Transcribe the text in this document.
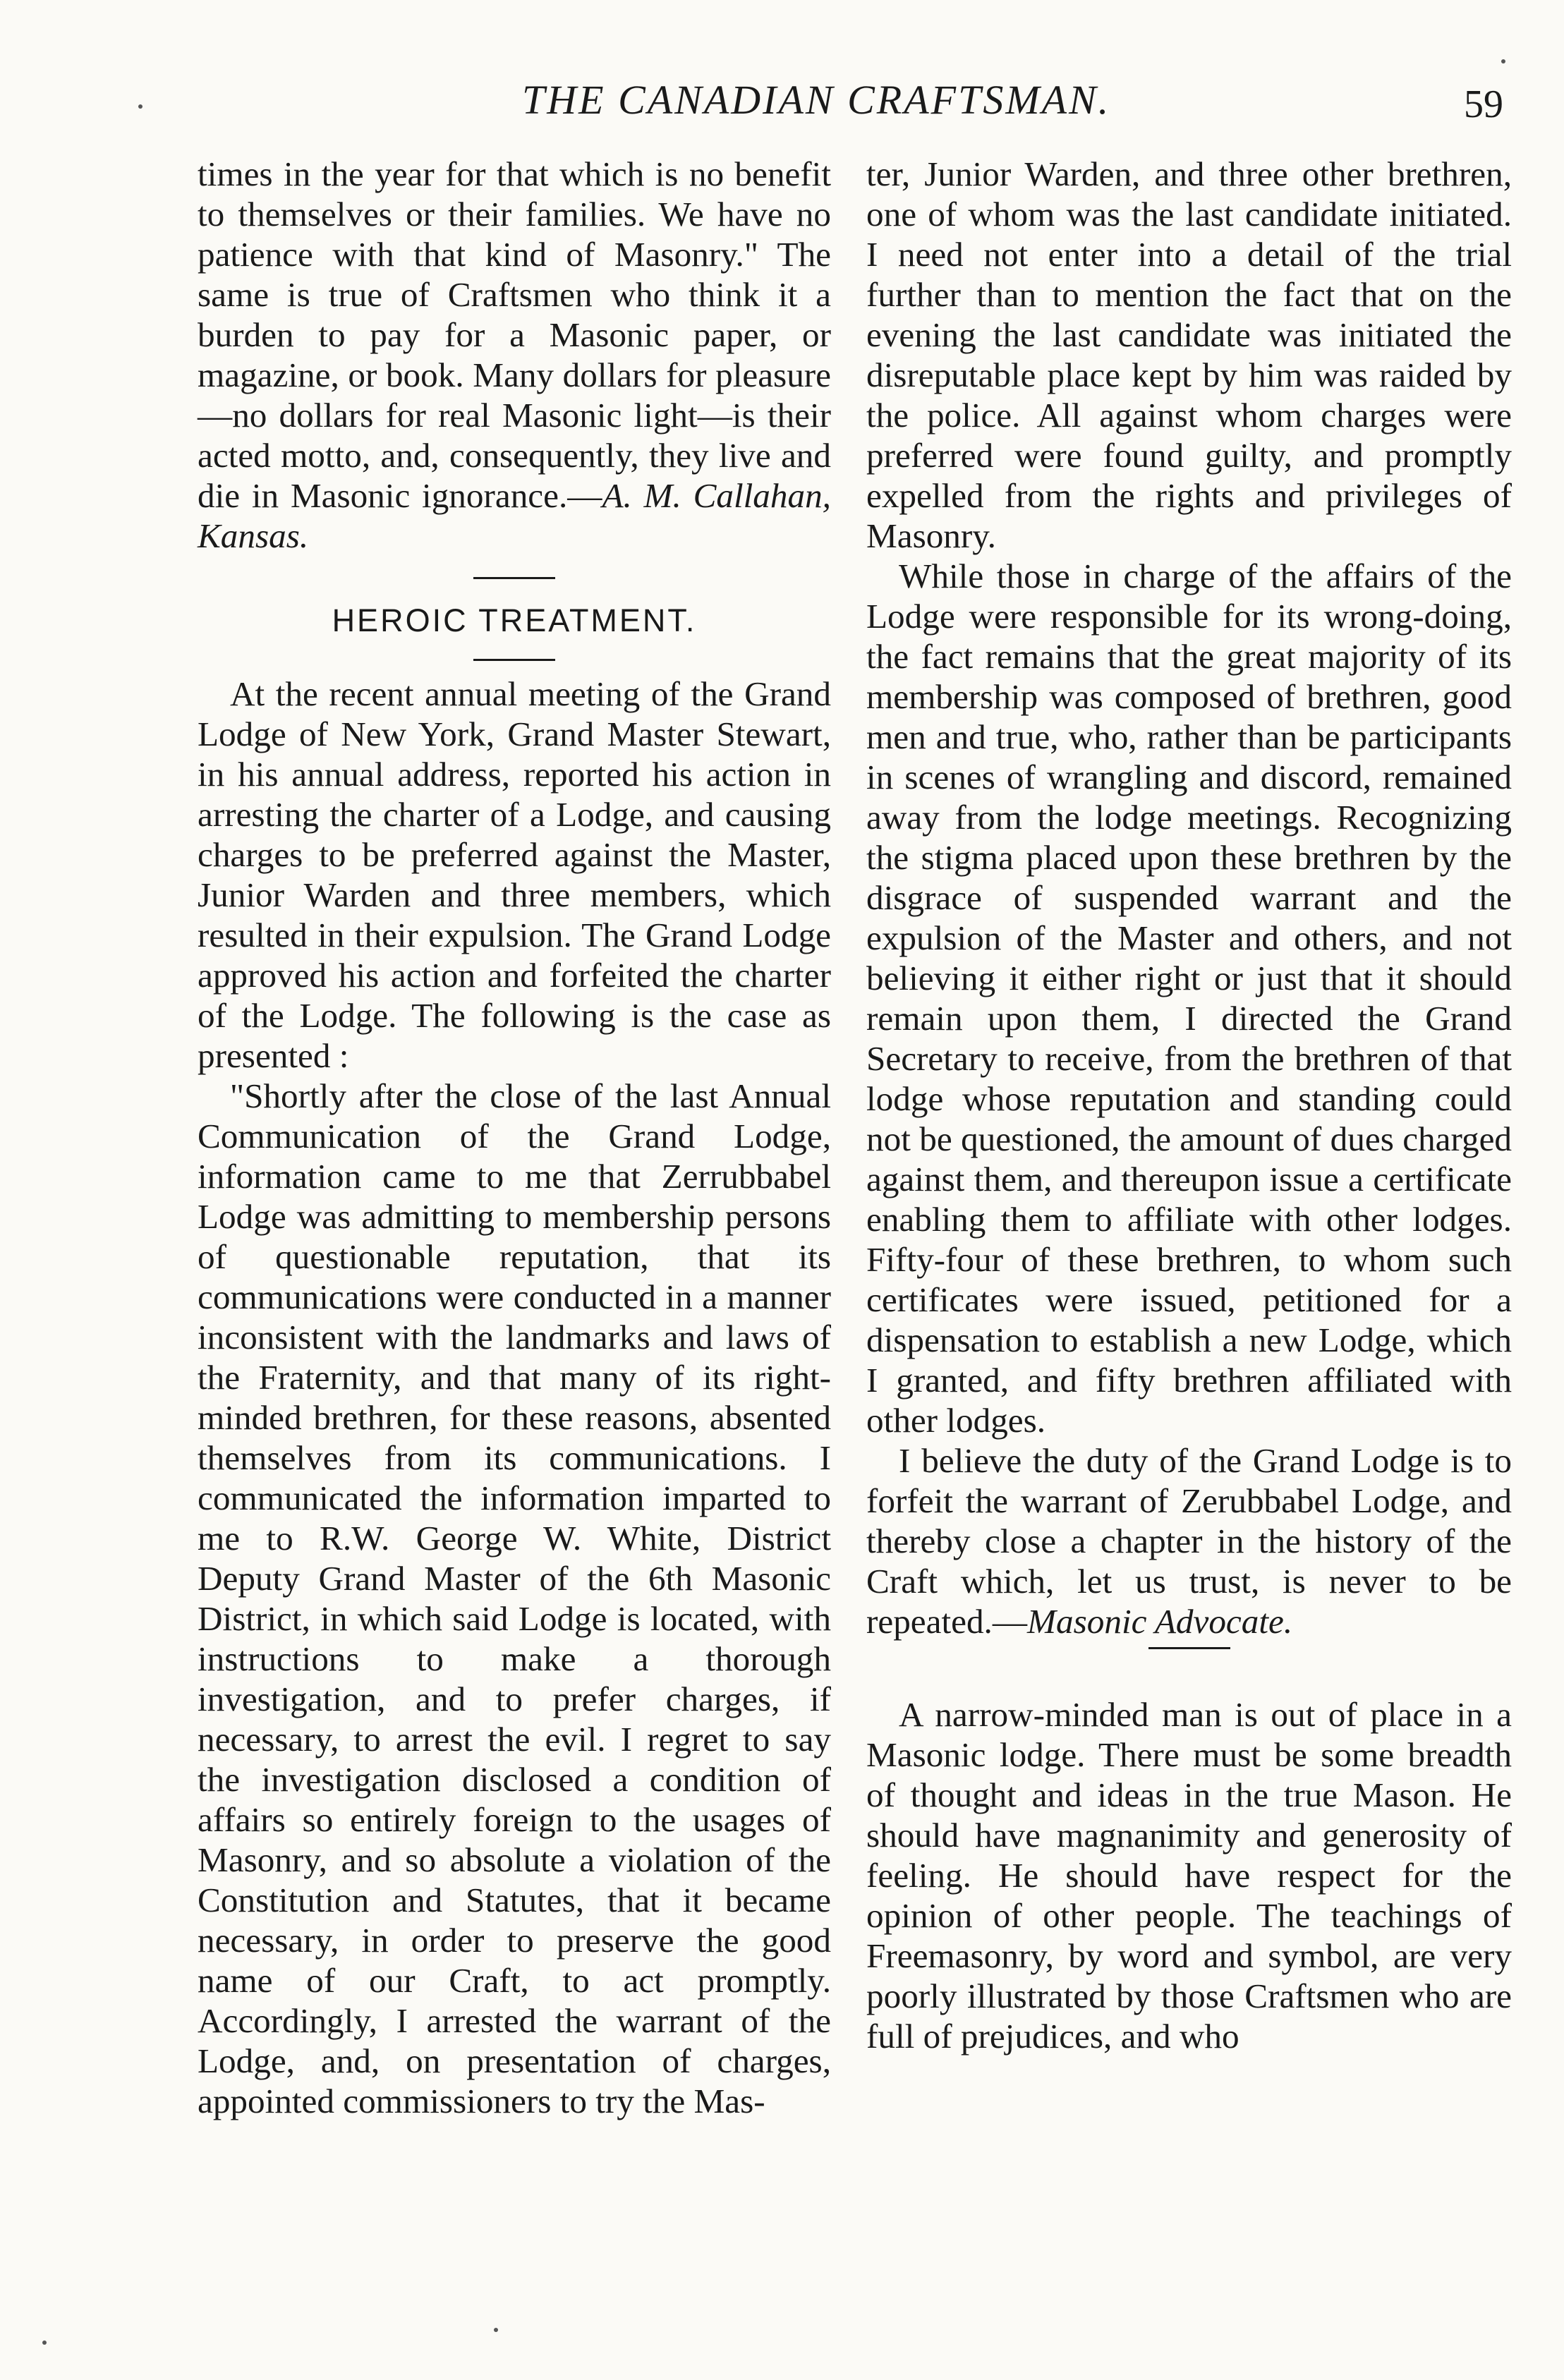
THE CANADIAN CRAFTSMAN.	59

times in the year for that which is no benefit to themselves or their families. We have no patience with that kind of Masonry." The same is true of Craftsmen who think it a burden to pay for a Masonic paper, or magazine, or book. Many dollars for pleasure—no dollars for real Masonic light—is their acted motto, and, consequently, they live and die in Masonic ignorance.—A. M. Callahan, Kansas.

HEROIC TREATMENT.

At the recent annual meeting of the Grand Lodge of New York, Grand Master Stewart, in his annual address, reported his action in arresting the charter of a Lodge, and causing charges to be preferred against the Master, Junior Warden and three members, which resulted in their expulsion. The Grand Lodge approved his action and forfeited the charter of the Lodge. The following is the case as presented :

"Shortly after the close of the last Annual Communication of the Grand Lodge, information came to me that Zerrubbabel Lodge was admitting to membership persons of questionable reputation, that its communications were conducted in a manner inconsistent with the landmarks and laws of the Fraternity, and that many of its right-minded brethren, for these reasons, absented themselves from its communications. I communicated the information imparted to me to R.W. George W. White, District Deputy Grand Master of the 6th Masonic District, in which said Lodge is located, with instructions to make a thorough investigation, and to prefer charges, if necessary, to arrest the evil. I regret to say the investigation disclosed a condition of affairs so entirely foreign to the usages of Masonry, and so absolute a violation of the Constitution and Statutes, that it became necessary, in order to preserve the good name of our Craft, to act promptly. Accordingly, I arrested the warrant of the Lodge, and, on presentation of charges, appointed commissioners to try the Mas-

ter, Junior Warden, and three other brethren, one of whom was the last candidate initiated. I need not enter into a detail of the trial further than to mention the fact that on the evening the last candidate was initiated the disreputable place kept by him was raided by the police. All against whom charges were preferred were found guilty, and promptly expelled from the rights and privileges of Masonry.

While those in charge of the affairs of the Lodge were responsible for its wrong-doing, the fact remains that the great majority of its membership was composed of brethren, good men and true, who, rather than be participants in scenes of wrangling and discord, remained away from the lodge meetings. Recognizing the stigma placed upon these brethren by the disgrace of suspended warrant and the expulsion of the Master and others, and not believing it either right or just that it should remain upon them, I directed the Grand Secretary to receive, from the brethren of that lodge whose reputation and standing could not be questioned, the amount of dues charged against them, and thereupon issue a certificate enabling them to affiliate with other lodges. Fifty-four of these brethren, to whom such certificates were issued, petitioned for a dispensation to establish a new Lodge, which I granted, and fifty brethren affiliated with other lodges.

I believe the duty of the Grand Lodge is to forfeit the warrant of Zerubbabel Lodge, and thereby close a chapter in the history of the Craft which, let us trust, is never to be repeated.—Masonic Advocate.

A narrow-minded man is out of place in a Masonic lodge. There must be some breadth of thought and ideas in the true Mason. He should have magnanimity and generosity of feeling. He should have respect for the opinion of other people. The teachings of Freemasonry, by word and symbol, are very poorly illustrated by those Craftsmen who are full of prejudices, and who
